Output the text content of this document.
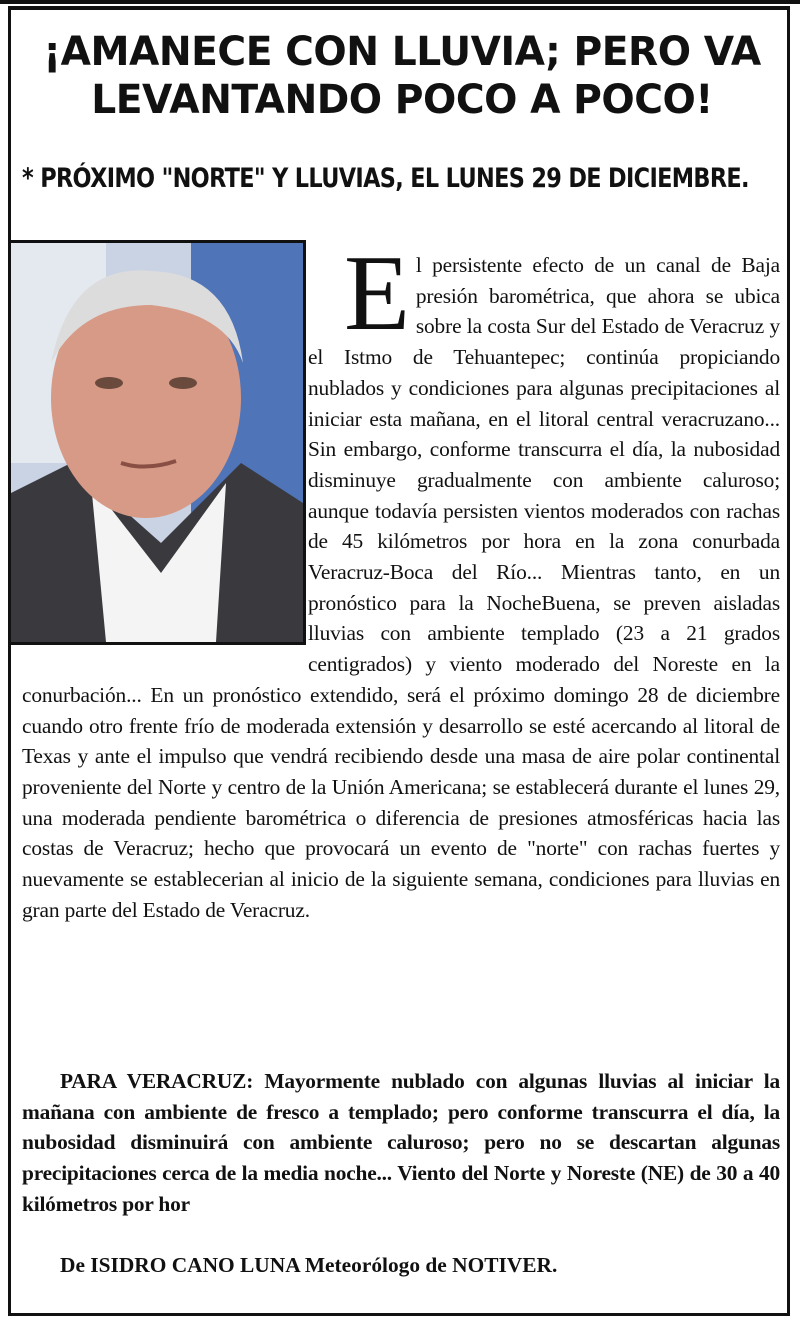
¡AMANECE CON LLUVIA; PERO VA LEVANTANDO POCO A POCO!
* PRÓXIMO "NORTE" Y LLUVIAS, EL LUNES 29 DE DICIEMBRE.
E l persistente efecto de un canal de Baja presión barométrica, que ahora se ubica sobre la costa Sur del Estado de Veracruz y el Istmo de Tehuantepec; continúa propiciando nublados y condiciones para algunas precipitaciones al iniciar esta mañana, en el litoral central veracruzano... Sin embargo, conforme transcurra el día, la nubosidad disminuye gradualmente con ambiente caluroso; aunque todavía persisten vientos moderados con rachas de 45 kilómetros por hora en la zona conurbada Veracruz-Boca del Río... Mientras tanto, en un pronóstico para la NocheBuena, se preven aisladas lluvias con ambiente templado (23 a 21 grados centigrados) y viento moderado del Noreste en la conurbación... En un pronóstico extendido, será el próximo domingo 28 de diciembre cuando otro frente frío de moderada extensión y desarrollo se esté acercando al litoral de Texas y ante el impulso que vendrá recibiendo desde una masa de aire polar continental proveniente del Norte y centro de la Unión Americana; se establecerá durante el lunes 29, una moderada pendiente barométrica o diferencia de presiones atmosféricas hacia las costas de Veracruz; hecho que provocará un evento de "norte" con rachas fuertes y nuevamente se establecerian al inicio de la siguiente semana, condiciones para lluvias en gran parte del Estado de Veracruz.

PARA VERACRUZ: Mayormente nublado con algunas lluvias al iniciar la mañana con ambiente de fresco a templado; pero conforme transcurra el día, la nubosidad disminuirá con ambiente caluroso; pero no se descartan algunas precipitaciones cerca de la media noche... Viento del Norte y Noreste (NE) de 30 a 40 kilómetros por hor

De ISIDRO CANO LUNA Meteorólogo de NOTIVER.
